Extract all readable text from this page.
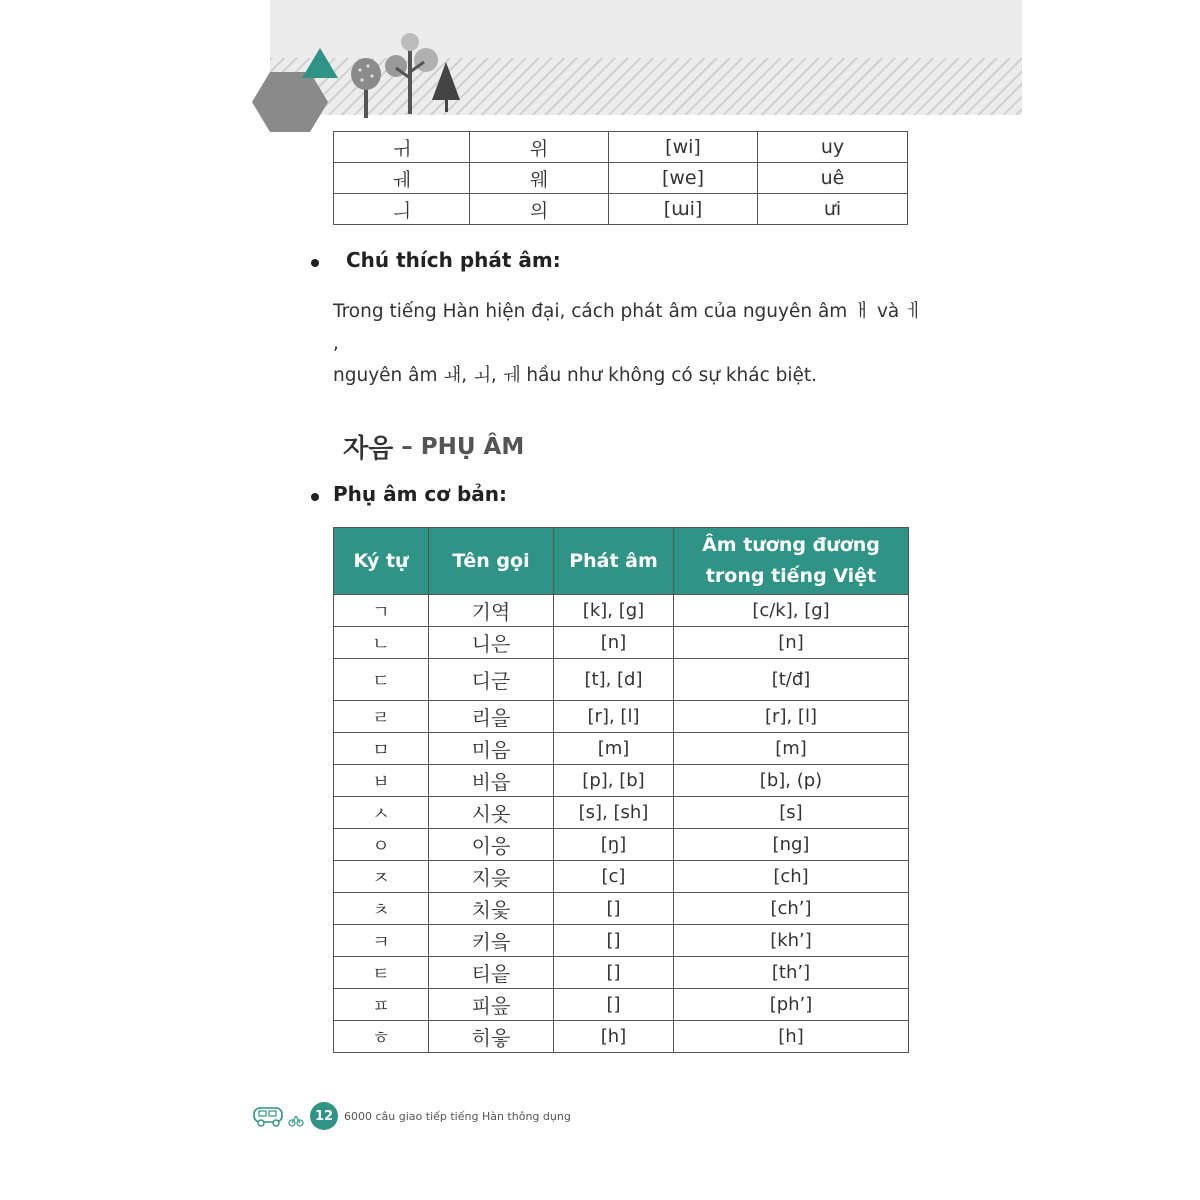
ㅟ	위	[wi]	uy
ㅞ	웨	[we]	uê
ㅢ	의	[ɯi]	ưi
Chú thích phát âm:
Trong tiếng Hàn hiện đại, cách phát âm của nguyên âm ㅐ và ㅔ ,
nguyên âm ㅙ, ㅚ, ㅞ hầu như không có sự khác biệt.
자음 – PHỤ ÂM
Phụ âm cơ bản:
Ký tự	Tên gọi	Phát âm	Âm tương đương trong tiếng Việt
ㄱ	기역	[k], [g]	[c/k], [g]
ㄴ	니은	[n]	[n]
ㄷ	디귿	[t], [d]	[t/đ]
ㄹ	리을	[r], [l]	[r], [l]
ㅁ	미음	[m]	[m]
ㅂ	비읍	[p], [b]	[b], (p)
ㅅ	시옷	[s], [sh]	[s]
ㅇ	이응	[ŋ]	[ng]
ㅈ	지읒	[c]	[ch]
ㅊ	치읓	[]	[ch’]
ㅋ	키읔	[]	[kh’]
ㅌ	티읕	[]	[th’]
ㅍ	피읖	[]	[ph’]
ㅎ	히읗	[h]	[h]
12 6000 câu giao tiếp tiếng Hàn thông dụng
